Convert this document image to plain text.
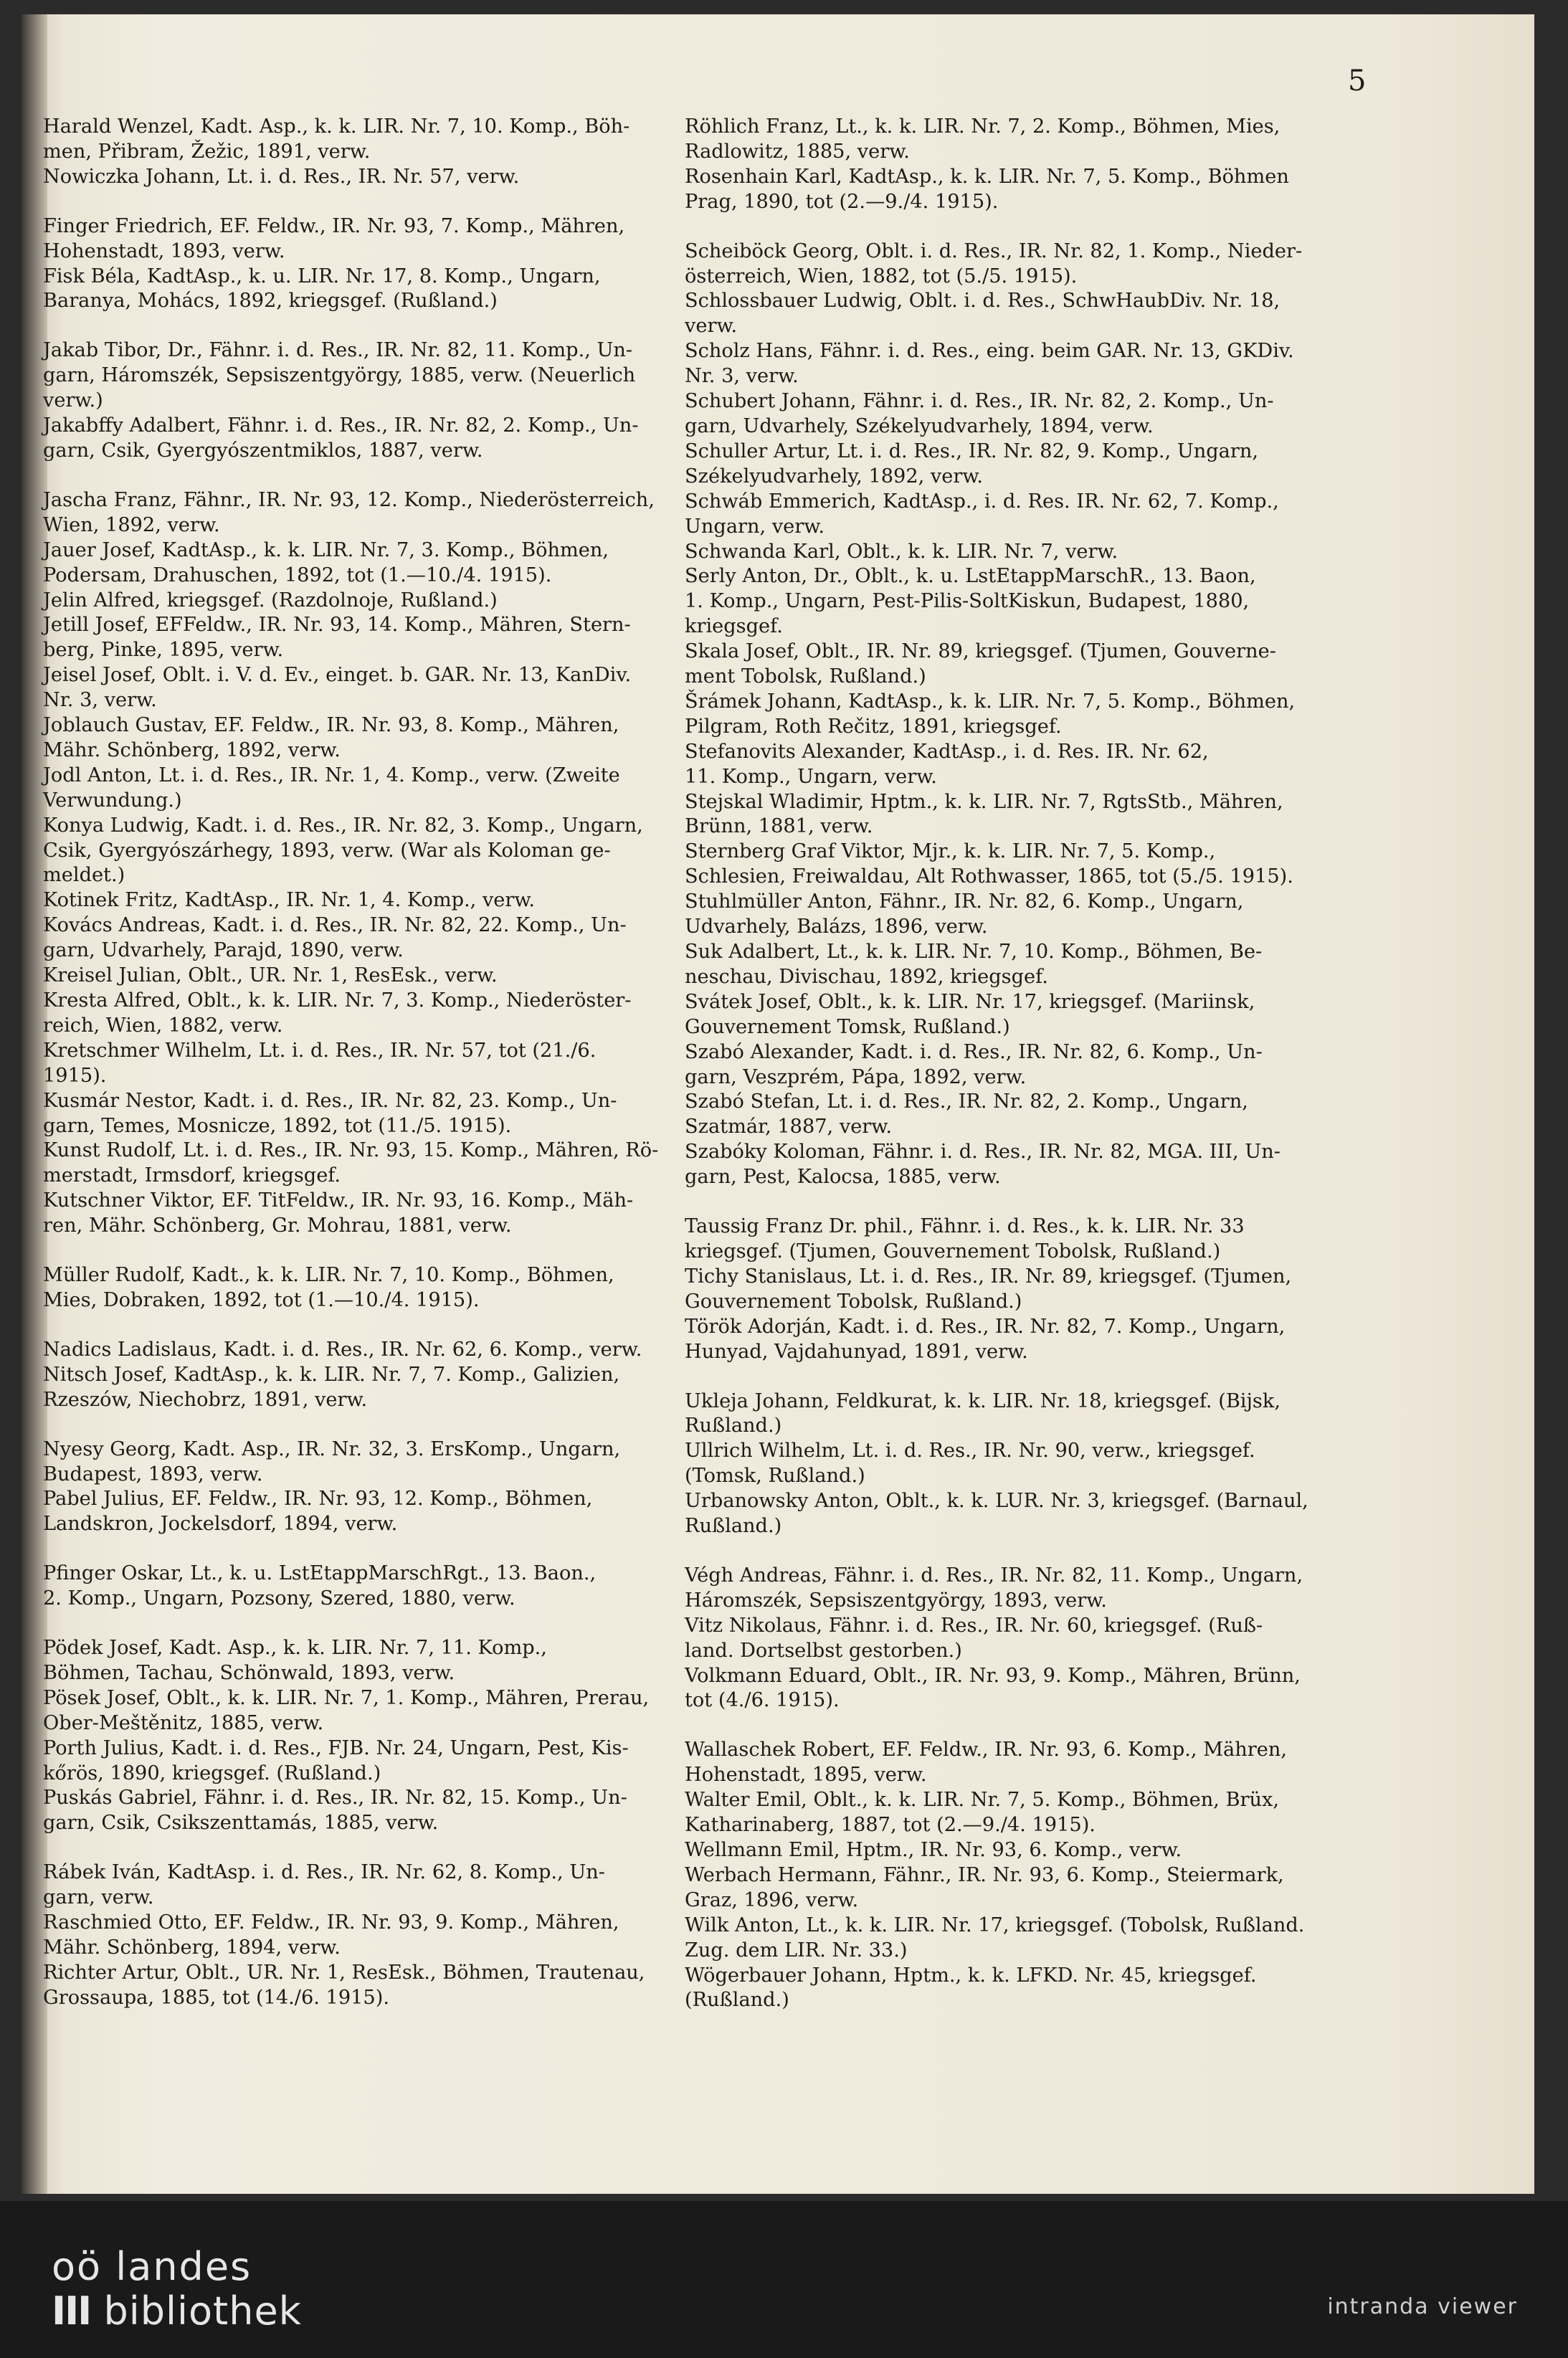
5

Harald Wenzel, Kadt. Asp., k. k. LIR. Nr. 7, 10. Komp., Böh-
men, Přibram, Žežic, 1891, verw.

Nowiczka Johann, Lt. i. d. Res., IR. Nr. 57, verw.

Finger Friedrich, EF. Feldw., IR. Nr. 93, 7. Komp., Mähren,
Hohenstadt, 1893, verw.

Fisk Béla, KadtAsp., k. u. LIR. Nr. 17, 8. Komp., Ungarn,
Baranya, Mohács, 1892, kriegsgef. (Rußland.)

Jakab Tibor, Dr., Fähnr. i. d. Res., IR. Nr. 82, 11. Komp., Un-
garn, Háromszék, Sepsiszentgyörgy, 1885, verw. (Neuerlich
verw.)

Jakabffy Adalbert, Fähnr. i. d. Res., IR. Nr. 82, 2. Komp., Un-
garn, Csik, Gyergyószentmiklos, 1887, verw.

Jascha Franz, Fähnr., IR. Nr. 93, 12. Komp., Niederösterreich,
Wien, 1892, verw.

Jauer Josef, KadtAsp., k. k. LIR. Nr. 7, 3. Komp., Böhmen,
Podersam, Drahuschen, 1892, tot (1.—10./4. 1915).

Jelin Alfred, kriegsgef. (Razdolnoje, Rußland.)

Jetill Josef, EFFeldw., IR. Nr. 93, 14. Komp., Mähren, Stern-
berg, Pinke, 1895, verw.

Jeisel Josef, Oblt. i. V. d. Ev., einget. b. GAR. Nr. 13, KanDiv.
Nr. 3, verw.

Joblauch Gustav, EF. Feldw., IR. Nr. 93, 8. Komp., Mähren,
Mähr. Schönberg, 1892, verw.

Jodl Anton, Lt. i. d. Res., IR. Nr. 1, 4. Komp., verw. (Zweite
Verwundung.)

Konya Ludwig, Kadt. i. d. Res., IR. Nr. 82, 3. Komp., Ungarn,
Csik, Gyergyószárhegy, 1893, verw. (War als Koloman ge-
meldet.)

Kotinek Fritz, KadtAsp., IR. Nr. 1, 4. Komp., verw.

Kovács Andreas, Kadt. i. d. Res., IR. Nr. 82, 22. Komp., Un-
garn, Udvarhely, Parajd, 1890, verw.

Kreisel Julian, Oblt., UR. Nr. 1, ResEsk., verw.

Kresta Alfred, Oblt., k. k. LIR. Nr. 7, 3. Komp., Niederöster-
reich, Wien, 1882, verw.

Kretschmer Wilhelm, Lt. i. d. Res., IR. Nr. 57, tot (21./6.
1915).

Kusmár Nestor, Kadt. i. d. Res., IR. Nr. 82, 23. Komp., Un-
garn, Temes, Mosnicze, 1892, tot (11./5. 1915).

Kunst Rudolf, Lt. i. d. Res., IR. Nr. 93, 15. Komp., Mähren, Rö-
merstadt, Irmsdorf, kriegsgef.

Kutschner Viktor, EF. TitFeldw., IR. Nr. 93, 16. Komp., Mäh-
ren, Mähr. Schönberg, Gr. Mohrau, 1881, verw.

Müller Rudolf, Kadt., k. k. LIR. Nr. 7, 10. Komp., Böhmen,
Mies, Dobraken, 1892, tot (1.—10./4. 1915).

Nadics Ladislaus, Kadt. i. d. Res., IR. Nr. 62, 6. Komp., verw.

Nitsch Josef, KadtAsp., k. k. LIR. Nr. 7, 7. Komp., Galizien,
Rzeszów, Niechobrz, 1891, verw.

Nyesy Georg, Kadt. Asp., IR. Nr. 32, 3. ErsKomp., Ungarn,
Budapest, 1893, verw.

Pabel Julius, EF. Feldw., IR. Nr. 93, 12. Komp., Böhmen,
Landskron, Jockelsdorf, 1894, verw.

Pfinger Oskar, Lt., k. u. LstEtappMarschRgt., 13. Baon.,
2. Komp., Ungarn, Pozsony, Szered, 1880, verw.

Pödek Josef, Kadt. Asp., k. k. LIR. Nr. 7, 11. Komp.,
Böhmen, Tachau, Schönwald, 1893, verw.

Pösek Josef, Oblt., k. k. LIR. Nr. 7, 1. Komp., Mähren, Prerau,
Ober-Meštěnitz, 1885, verw.

Porth Julius, Kadt. i. d. Res., FJB. Nr. 24, Ungarn, Pest, Kis-
kőrös, 1890, kriegsgef. (Rußland.)

Puskás Gabriel, Fähnr. i. d. Res., IR. Nr. 82, 15. Komp., Un-
garn, Csik, Csikszenttamás, 1885, verw.

Rábek Iván, KadtAsp. i. d. Res., IR. Nr. 62, 8. Komp., Un-
garn, verw.

Raschmied Otto, EF. Feldw., IR. Nr. 93, 9. Komp., Mähren,
Mähr. Schönberg, 1894, verw.

Richter Artur, Oblt., UR. Nr. 1, ResEsk., Böhmen, Trautenau,
Grossaupa, 1885, tot (14./6. 1915).

Röhlich Franz, Lt., k. k. LIR. Nr. 7, 2. Komp., Böhmen, Mies,
Radlowitz, 1885, verw.

Rosenhain Karl, KadtAsp., k. k. LIR. Nr. 7, 5. Komp., Böhmen
Prag, 1890, tot (2.—9./4. 1915).

Scheiböck Georg, Oblt. i. d. Res., IR. Nr. 82, 1. Komp., Nieder-
österreich, Wien, 1882, tot (5./5. 1915).

Schlossbauer Ludwig, Oblt. i. d. Res., SchwHaubDiv. Nr. 18,
verw.

Scholz Hans, Fähnr. i. d. Res., eing. beim GAR. Nr. 13, GKDiv.
Nr. 3, verw.

Schubert Johann, Fähnr. i. d. Res., IR. Nr. 82, 2. Komp., Un-
garn, Udvarhely, Székelyudvarhely, 1894, verw.

Schuller Artur, Lt. i. d. Res., IR. Nr. 82, 9. Komp., Ungarn,
Székelyudvarhely, 1892, verw.

Schwáb Emmerich, KadtAsp., i. d. Res. IR. Nr. 62, 7. Komp.,
Ungarn, verw.

Schwanda Karl, Oblt., k. k. LIR. Nr. 7, verw.

Serly Anton, Dr., Oblt., k. u. LstEtappMarschR., 13. Baon,
1. Komp., Ungarn, Pest-Pilis-SoltKiskun, Budapest, 1880,
kriegsgef.

Skala Josef, Oblt., IR. Nr. 89, kriegsgef. (Tjumen, Gouverne-
ment Tobolsk, Rußland.)

Šrámek Johann, KadtAsp., k. k. LIR. Nr. 7, 5. Komp., Böhmen,
Pilgram, Roth Rečitz, 1891, kriegsgef.

Stefanovits Alexander, KadtAsp., i. d. Res. IR. Nr. 62,
11. Komp., Ungarn, verw.

Stejskal Wladimir, Hptm., k. k. LIR. Nr. 7, RgtsStb., Mähren,
Brünn, 1881, verw.

Sternberg Graf Viktor, Mjr., k. k. LIR. Nr. 7, 5. Komp.,
Schlesien, Freiwaldau, Alt Rothwasser, 1865, tot (5./5. 1915).

Stuhlmüller Anton, Fähnr., IR. Nr. 82, 6. Komp., Ungarn,
Udvarhely, Balázs, 1896, verw.

Suk Adalbert, Lt., k. k. LIR. Nr. 7, 10. Komp., Böhmen, Be-
neschau, Divischau, 1892, kriegsgef.

Svátek Josef, Oblt., k. k. LIR. Nr. 17, kriegsgef. (Mariinsk,
Gouvernement Tomsk, Rußland.)

Szabó Alexander, Kadt. i. d. Res., IR. Nr. 82, 6. Komp., Un-
garn, Veszprém, Pápa, 1892, verw.

Szabó Stefan, Lt. i. d. Res., IR. Nr. 82, 2. Komp., Ungarn,
Szatmár, 1887, verw.

Szabóky Koloman, Fähnr. i. d. Res., IR. Nr. 82, MGA. III, Un-
garn, Pest, Kalocsa, 1885, verw.

Taussig Franz Dr. phil., Fähnr. i. d. Res., k. k. LIR. Nr. 33
kriegsgef. (Tjumen, Gouvernement Tobolsk, Rußland.)

Tichy Stanislaus, Lt. i. d. Res., IR. Nr. 89, kriegsgef. (Tjumen,
Gouvernement Tobolsk, Rußland.)

Török Adorján, Kadt. i. d. Res., IR. Nr. 82, 7. Komp., Ungarn,
Hunyad, Vajdahunyad, 1891, verw.

Ukleja Johann, Feldkurat, k. k. LIR. Nr. 18, kriegsgef. (Bijsk,
Rußland.)

Ullrich Wilhelm, Lt. i. d. Res., IR. Nr. 90, verw., kriegsgef.
(Tomsk, Rußland.)

Urbanowsky Anton, Oblt., k. k. LUR. Nr. 3, kriegsgef. (Barnaul,
Rußland.)

Végh Andreas, Fähnr. i. d. Res., IR. Nr. 82, 11. Komp., Ungarn,
Háromszék, Sepsiszentgyörgy, 1893, verw.

Vitz Nikolaus, Fähnr. i. d. Res., IR. Nr. 60, kriegsgef. (Ruß-
land. Dortselbst gestorben.)

Volkmann Eduard, Oblt., IR. Nr. 93, 9. Komp., Mähren, Brünn,
tot (4./6. 1915).

Wallaschek Robert, EF. Feldw., IR. Nr. 93, 6. Komp., Mähren,
Hohenstadt, 1895, verw.

Walter Emil, Oblt., k. k. LIR. Nr. 7, 5. Komp., Böhmen, Brüx,
Katharinaberg, 1887, tot (2.—9./4. 1915).

Wellmann Emil, Hptm., IR. Nr. 93, 6. Komp., verw.

Werbach Hermann, Fähnr., IR. Nr. 93, 6. Komp., Steiermark,
Graz, 1896, verw.

Wilk Anton, Lt., k. k. LIR. Nr. 17, kriegsgef. (Tobolsk, Rußland.
Zug. dem LIR. Nr. 33.)

Wögerbauer Johann, Hptm., k. k. LFKD. Nr. 45, kriegsgef.
(Rußland.)

oö landes
III bibliothek	intranda viewer
